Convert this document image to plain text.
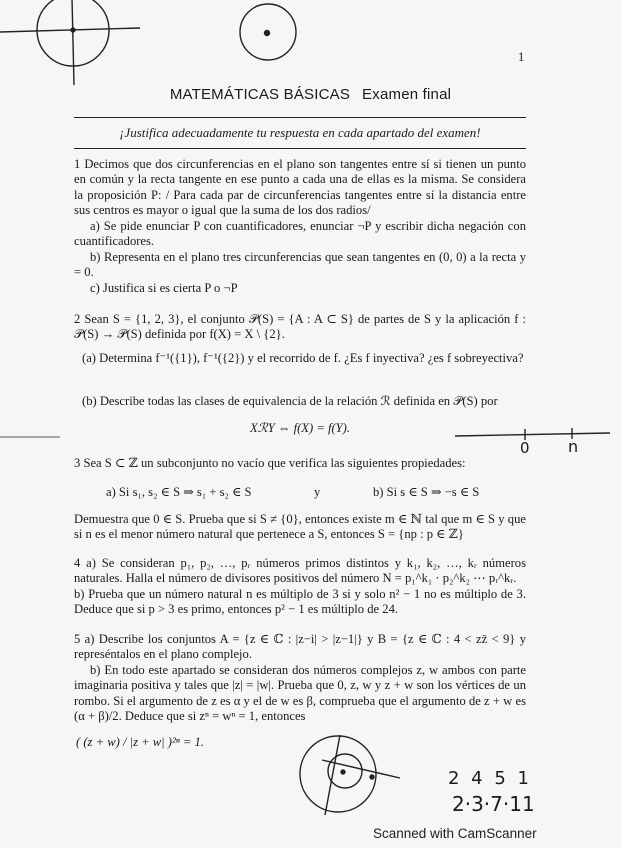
1
MATEMÁTICAS BÁSICAS Examen final
¡Justifica adecuadamente tu respuesta en cada apartado del examen!
1 Decimos que dos circunferencias en el plano son tangentes entre sí si tienen un punto en común y la recta tangente en ese punto a cada una de ellas es la misma. Se considera la proposición P: / Para cada par de circunferencias tangentes entre sí la distancia entre sus centros es mayor o igual que la suma de los dos radios/
a) Se pide enunciar P con cuantificadores, enunciar ¬P y escribir dicha negación con cuantificadores.
b) Representa en el plano tres circunferencias que sean tangentes en (0, 0) a la recta y = 0.
c) Justifica si es cierta P o ¬P
2 Sean S = {1, 2, 3}, el conjunto 𝒫(S) = {A : A ⊂ S} de partes de S y la aplicación f : 𝒫(S) → 𝒫(S) definida por f(X) = X \ {2}.
(a) Determina f⁻¹({1}), f⁻¹({2}) y el recorrido de f. ¿Es f inyectiva? ¿es f sobreyectiva?
(b) Describe todas las clases de equivalencia de la relación ℛ definida en 𝒫(S) por
XℛY ⇔ f(X) = f(Y).
3 Sea S ⊂ ℤ un subconjunto no vacío que verifica las siguientes propiedades:
a) Si s₁, s₂ ∈ S ⇒ s₁ + s₂ ∈ S	y	b) Si s ∈ S ⇒ −s ∈ S
Demuestra que 0 ∈ S. Prueba que si S ≠ {0}, entonces existe m ∈ ℕ tal que m ∈ S y que si n es el menor número natural que pertenece a S, entonces S = {np : p ∈ ℤ}
4 a) Se consideran p₁, p₂, …, pᵣ números primos distintos y k₁, k₂, …, kᵣ números naturales. Halla el número de divisores positivos del número N = p₁^k₁ · p₂^k₂ ⋯ pᵣ^kᵣ.
b) Prueba que un número natural n es múltiplo de 3 si y solo n² − 1 no es múltiplo de 3. Deduce que si p > 3 es primo, entonces p² − 1 es múltiplo de 24.
5 a) Describe los conjuntos A = {z ∈ ℂ : |z−i| > |z−1|} y B = {z ∈ ℂ : 4 < zz̄ < 9} y represéntalos en el plano complejo.
b) En todo este apartado se consideran dos números complejos z, w ambos con parte imaginaria positiva y tales que |z| = |w|. Prueba que 0, z, w y z + w son los vértices de un rombo. Si el argumento de z es α y el de w es β, comprueba que el argumento de z + w es (α + β)/2. Deduce que si zⁿ = wⁿ = 1, entonces
( (z + w) / |z + w| )²ⁿ = 1.
0 n
2 4 5 1
2·3·7·11
Scanned with CamScanner
